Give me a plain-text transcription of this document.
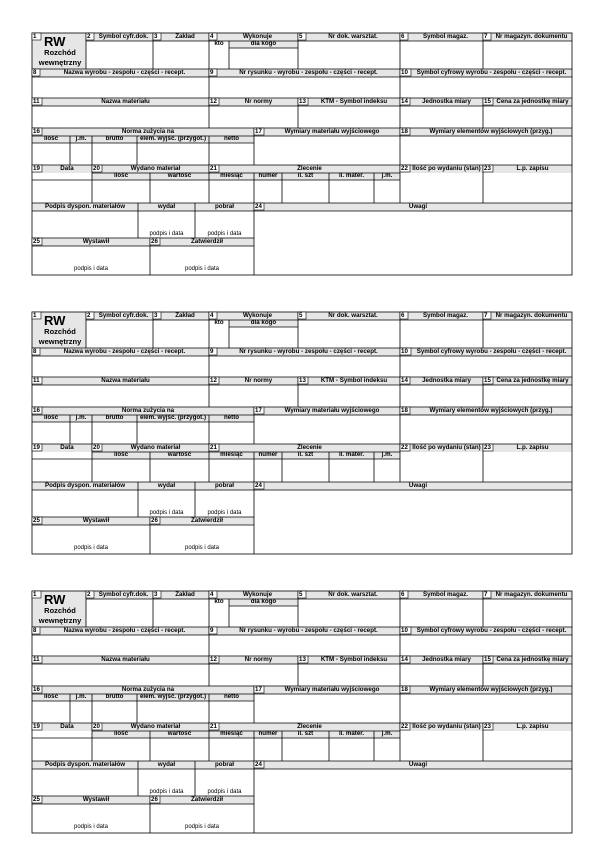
1 RW
Rozchód
wewnętrzny
2	Symbol cyfr.dok. 3	Zakład	4	Wykonuje
kto	dla kogo
5	Nr dok. warsztat.	6	Symbol magaz.	7	Nr magazyn. dokumentu
8	Nazwa wyrobu - zespołu - części - recept.	9	Nr rysunku - wyrobu - zespołu - części - recept.	10	Symbol cyfrowy wyrobu - zespołu - części - recept.
11	Nazwa materiału	12	Nr normy	13	KTM - Symbol indeksu	14	Jednostka miary	15 Cena za jednostkę miary
16	Norma zużycia na
ilość	j.m.	brutto	elem. wyjść. (przygot.)	netto
17	Wymiary materiału wyjściowego	18	Wymiary elementów wyjściowych (przyg.)
19	Data	20	Wydano materiał
ilość	wartość
21	Zlecenie
miesiąc	numer	il. szt	il. mater.	j.m.
22 Ilość po wydaniu (stan) 23	L.p. zapisu
Podpis dyspon. materiałów	wydał	pobrał	24	Uwagi
podpis i data	podpis i data
25	Wystawił	26	Zatwierdził
podpis i data	podpis i data
1 RW
Rozchód
wewnętrzny
2	Symbol cyfr.dok. 3	Zakład	4	Wykonuje
kto	dla kogo
5	Nr dok. warsztat.	6	Symbol magaz.	7	Nr magazyn. dokumentu
8	Nazwa wyrobu - zespołu - części - recept.	9	Nr rysunku - wyrobu - zespołu - części - recept.	10	Symbol cyfrowy wyrobu - zespołu - części - recept.
11	Nazwa materiału	12	Nr normy	13	KTM - Symbol indeksu	14	Jednostka miary	15 Cena za jednostkę miary
16	Norma zużycia na
ilość	j.m.	brutto	elem. wyjść. (przygot.)	netto
17	Wymiary materiału wyjściowego	18	Wymiary elementów wyjściowych (przyg.)
19	Data	20	Wydano materiał
ilość	wartość
21	Zlecenie
miesiąc	numer	il. szt	il. mater.	j.m.
22 Ilość po wydaniu (stan) 23	L.p. zapisu
Podpis dyspon. materiałów	wydał	pobrał	24	Uwagi
podpis i data	podpis i data
25	Wystawił	26	Zatwierdził
podpis i data	podpis i data
1 RW
Rozchód
wewnętrzny
2	Symbol cyfr.dok. 3	Zakład	4	Wykonuje
kto	dla kogo
5	Nr dok. warsztat.	6	Symbol magaz.	7	Nr magazyn. dokumentu
8	Nazwa wyrobu - zespołu - części - recept.	9	Nr rysunku - wyrobu - zespołu - części - recept.	10	Symbol cyfrowy wyrobu - zespołu - części - recept.
11	Nazwa materiału	12	Nr normy	13	KTM - Symbol indeksu	14	Jednostka miary	15 Cena za jednostkę miary
16	Norma zużycia na
ilość	j.m.	brutto	elem. wyjść. (przygot.)	netto
17	Wymiary materiału wyjściowego	18	Wymiary elementów wyjściowych (przyg.)
19	Data	20	Wydano materiał
ilość	wartość
21	Zlecenie
miesiąc	numer	il. szt	il. mater.	j.m.
22 Ilość po wydaniu (stan) 23	L.p. zapisu
Podpis dyspon. materiałów	wydał	pobrał	24	Uwagi
podpis i data	podpis i data
25	Wystawił	26	Zatwierdził
podpis i data	podpis i data
